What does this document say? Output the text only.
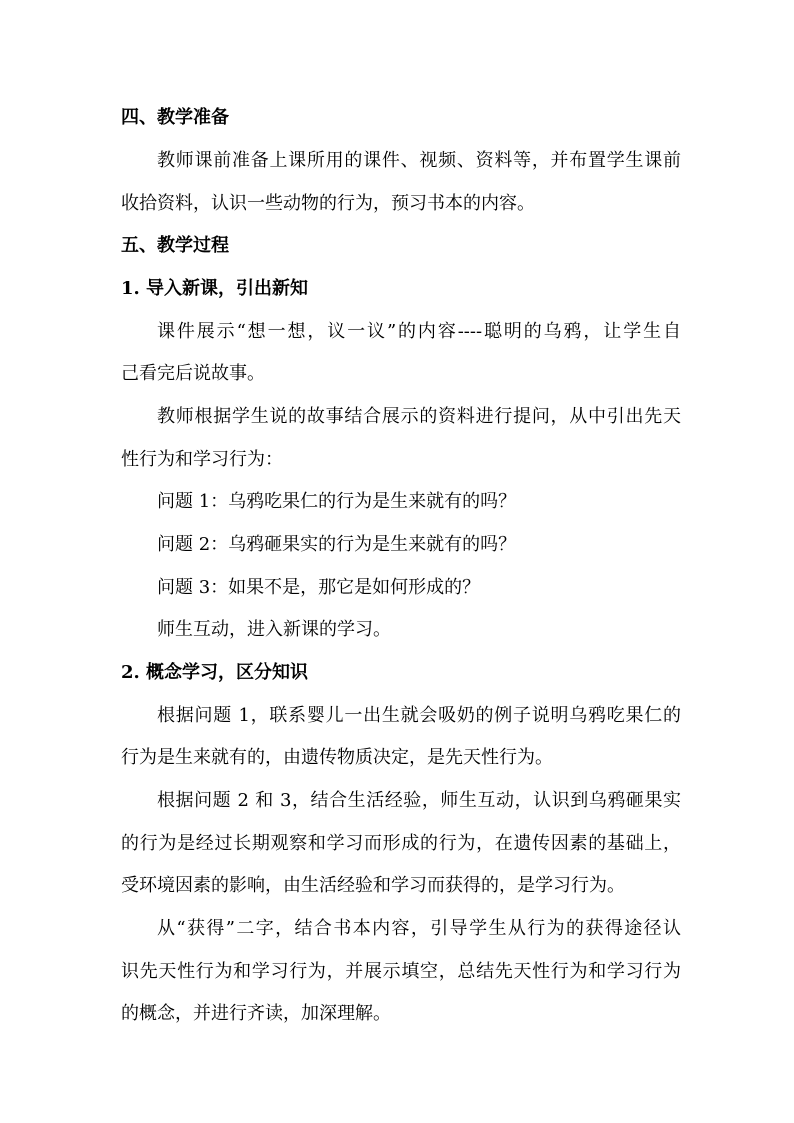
四、教学准备
教师课前准备上课所用的课件、视频、资料等，并布置学生课前
收拾资料，认识一些动物的行为，预习书本的内容。
五、教学过程
1. 导入新课，引出新知
课件展示“想一想，议一议”的内容----聪明的乌鸦，让学生自
己看完后说故事。
教师根据学生说的故事结合展示的资料进行提问，从中引出先天
性行为和学习行为：
问题 1：乌鸦吃果仁的行为是生来就有的吗？
问题 2：乌鸦砸果实的行为是生来就有的吗？
问题 3：如果不是，那它是如何形成的？
师生互动，进入新课的学习。
2. 概念学习，区分知识
根据问题 1，联系婴儿一出生就会吸奶的例子说明乌鸦吃果仁的
行为是生来就有的，由遗传物质决定，是先天性行为。
根据问题 2 和 3，结合生活经验，师生互动，认识到乌鸦砸果实
的行为是经过长期观察和学习而形成的行为，在遗传因素的基础上，
受环境因素的影响，由生活经验和学习而获得的，是学习行为。
从“获得”二字，结合书本内容，引导学生从行为的获得途径认
识先天性行为和学习行为，并展示填空，总结先天性行为和学习行为
的概念，并进行齐读，加深理解。
